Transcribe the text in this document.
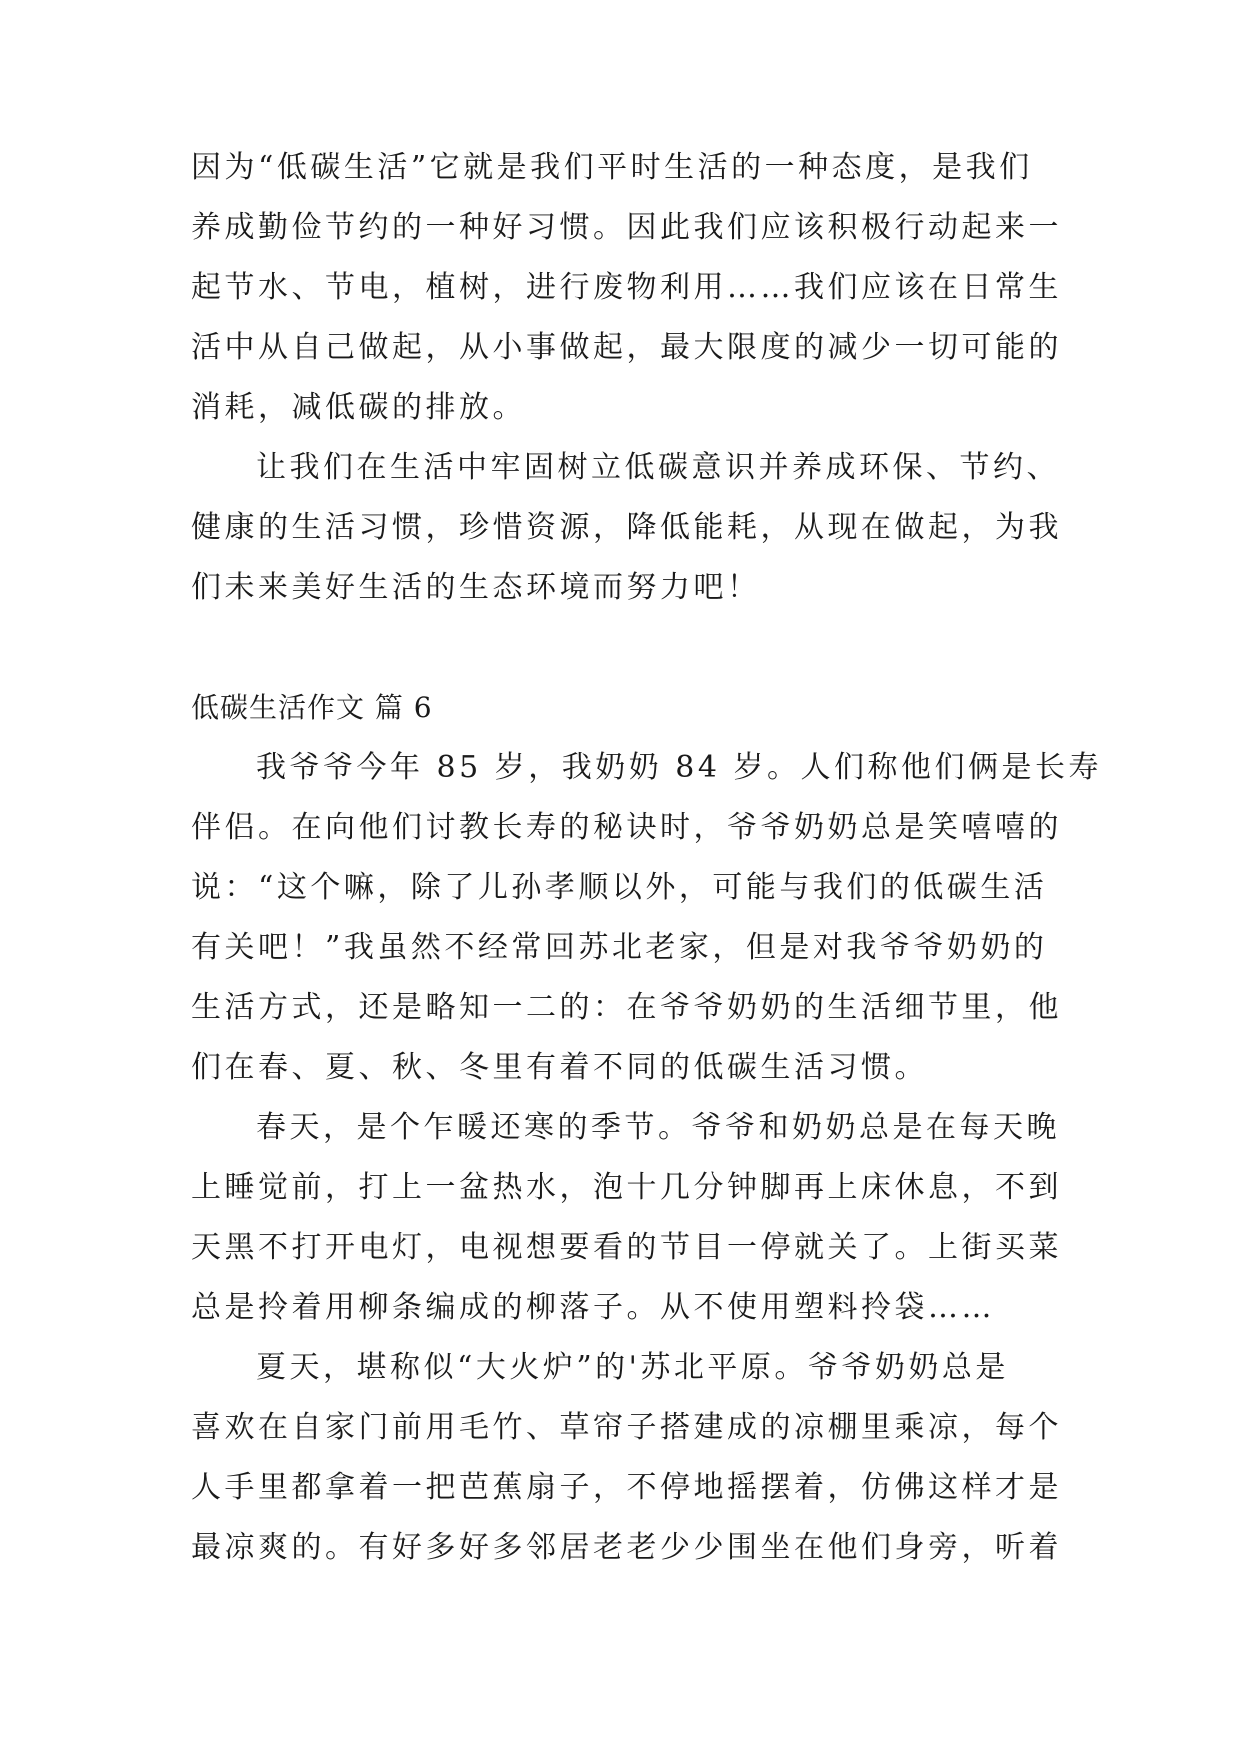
因为“低碳生活”它就是我们平时生活的一种态度，是我们
养成勤俭节约的一种好习惯。因此我们应该积极行动起来一
起节水、节电，植树，进行废物利用……我们应该在日常生
活中从自己做起，从小事做起，最大限度的减少一切可能的
消耗，减低碳的排放。
让我们在生活中牢固树立低碳意识并养成环保、节约、
健康的生活习惯，珍惜资源，降低能耗，从现在做起，为我
们未来美好生活的生态环境而努力吧！
低碳生活作文 篇 6
我爷爷今年 85 岁，我奶奶 84 岁。人们称他们俩是长寿
伴侣。在向他们讨教长寿的秘诀时，爷爷奶奶总是笑嘻嘻的
说：“这个嘛，除了儿孙孝顺以外，可能与我们的低碳生活
有关吧！”我虽然不经常回苏北老家，但是对我爷爷奶奶的
生活方式，还是略知一二的：在爷爷奶奶的生活细节里，他
们在春、夏、秋、冬里有着不同的低碳生活习惯。
春天，是个乍暖还寒的季节。爷爷和奶奶总是在每天晚
上睡觉前，打上一盆热水，泡十几分钟脚再上床休息，不到
天黑不打开电灯，电视想要看的节目一停就关了。上街买菜
总是拎着用柳条编成的柳落子。从不使用塑料拎袋……
夏天，堪称似“大火炉”的'苏北平原。爷爷奶奶总是
喜欢在自家门前用毛竹、草帘子搭建成的凉棚里乘凉，每个
人手里都拿着一把芭蕉扇子，不停地摇摆着，仿佛这样才是
最凉爽的。有好多好多邻居老老少少围坐在他们身旁，听着
